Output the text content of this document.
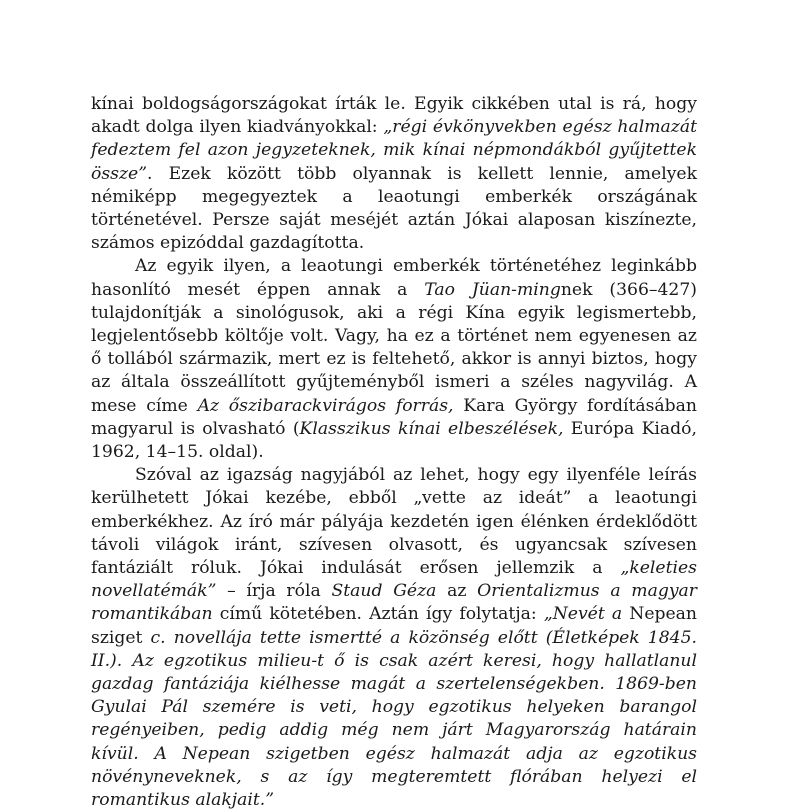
kínai boldogságországokat írták le. Egyik cikkében utal is rá, hogy akadt dolga ilyen kiadványokkal: „régi évkönyvekben egész halmazát fedeztem fel azon jegyzeteknek, mik kínai népmondákból gyűjtettek össze”. Ezek között több olyannak is kellett lennie, amelyek némiképp megegyeztek a leaotungi emberkék országának történetével. Persze saját meséjét aztán Jókai alaposan kiszínezte, számos epizóddal gazdagította.

Az egyik ilyen, a leaotungi emberkék történetéhez leginkább hasonlító mesét éppen annak a Tao Jüan-mingnek (366–427) tulajdonítják a sinológusok, aki a régi Kína egyik legismertebb, legjelentősebb költője volt. Vagy, ha ez a történet nem egyenesen az ő tollából származik, mert ez is feltehető, akkor is annyi biztos, hogy az általa összeállított gyűjteményből ismeri a széles nagyvilág. A mese címe Az őszibarackvirágos forrás, Kara György fordításában magyarul is olvasható (Klasszikus kínai elbeszélések, Európa Kiadó, 1962, 14–15. oldal).

Szóval az igazság nagyjából az lehet, hogy egy ilyenféle leírás kerülhetett Jókai kezébe, ebből „vette az ideát” a leaotungi emberkékhez. Az író már pályája kezdetén igen élénken érdeklődött távoli világok iránt, szívesen olvasott, és ugyancsak szívesen fantáziált róluk. Jókai indulását erősen jellemzik a „keleties novellatémák” – írja róla Staud Géza az Orientalizmus a magyar romantikában című kötetében. Aztán így folytatja: „Nevét a Nepean sziget c. novellája tette ismertté a közönség előtt (Életképek 1845. II.). Az egzotikus milieu-t ő is csak azért keresi, hogy hallatlanul gazdag fantáziája kiélhesse magát a szertelenségekben. 1869-ben Gyulai Pál szemére is veti, hogy egzotikus helyeken barangol regényeiben, pedig addig még nem járt Magyarország határain kívül. A Nepean szigetben egész halmazát adja az egzotikus növényneveknek, s az így megteremtett flórában helyezi el romantikus alakjait.”
